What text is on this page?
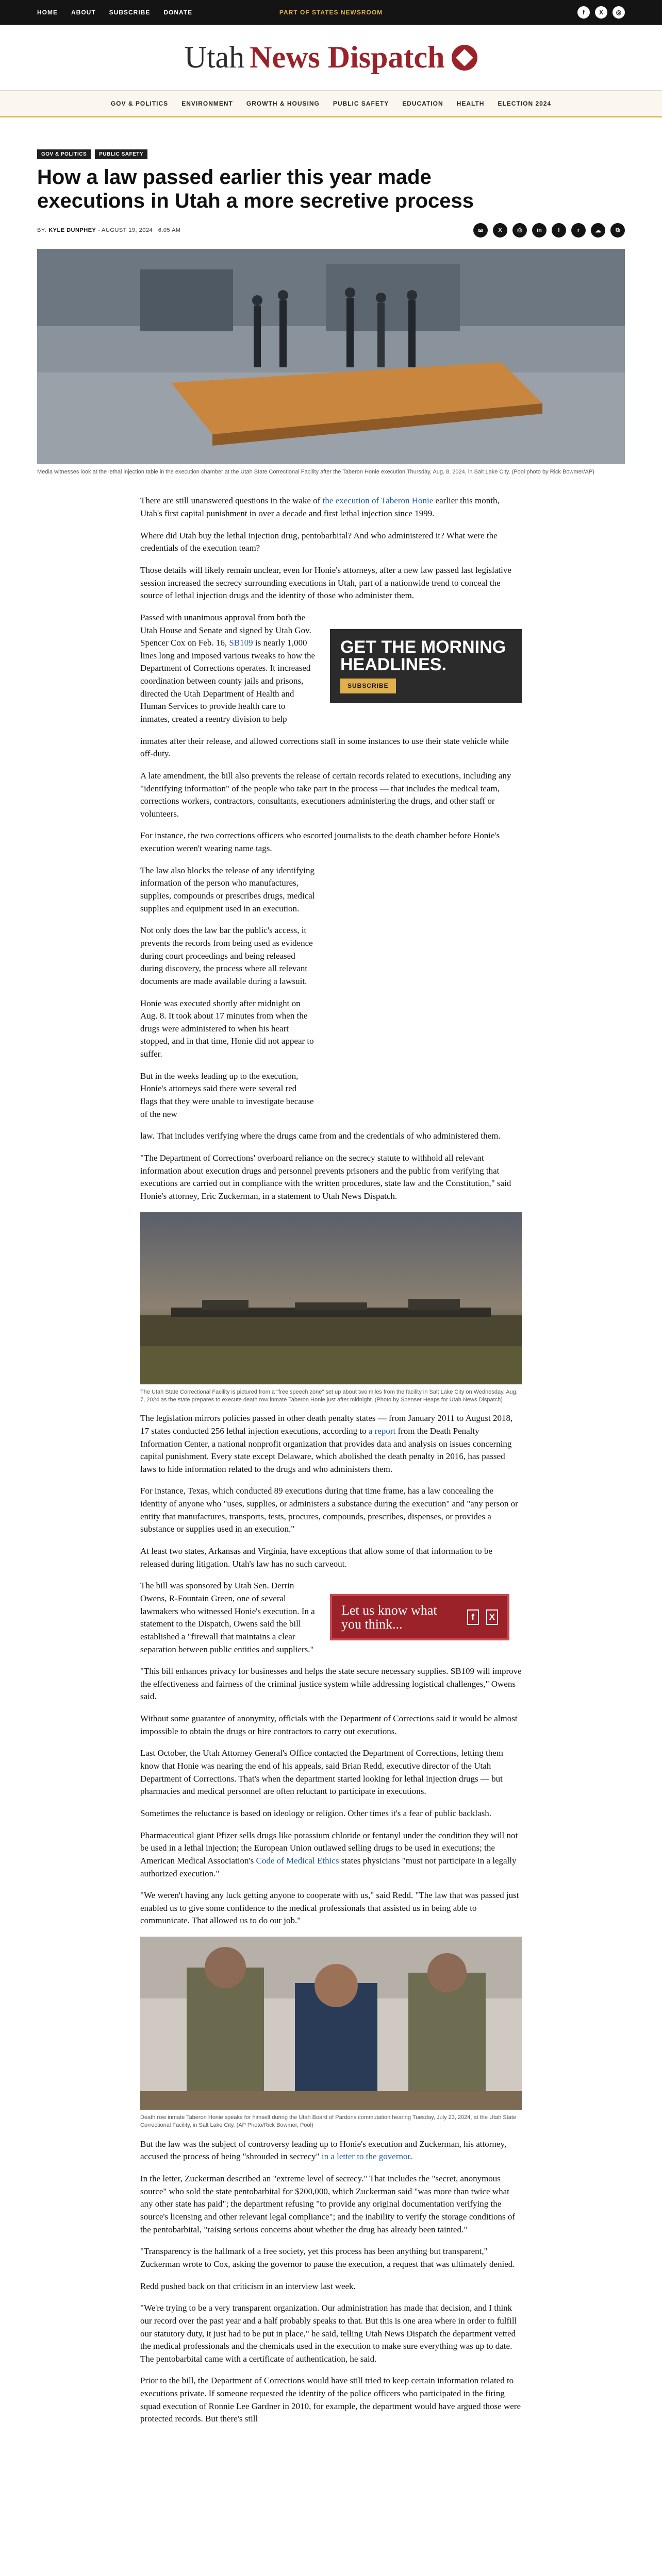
HOME ABOUT SUBSCRIBE DONATE	PART OF STATES NEWSROOM	f	X	◎
Utah News Dispatch
GOV & POLITICS ENVIRONMENT GROWTH & HOUSING PUBLIC SAFETY EDUCATION HEALTH ELECTION 2024
GOV & POLITICS	PUBLIC SAFETY
How a law passed earlier this year made executions in Utah a more secretive process
BY: KYLE DUNPHEY - AUGUST 19, 2024 6:05 AM	✉	X	⎙	in	f	r	☁	⧉
Media witnesses look at the lethal injection table in the execution chamber at the Utah State Correctional Facility after the Taberon Honie execution Thursday, Aug. 8, 2024, in Salt Lake City. (Pool photo by Rick Bowmer/AP)

There are still unanswered questions in the wake of the execution of Taberon Honie earlier this month, Utah's first capital punishment in over a decade and first lethal injection since 1999.

Where did Utah buy the lethal injection drug, pentobarbital? And who administered it? What were the credentials of the execution team?

Those details will likely remain unclear, even for Honie's attorneys, after a new law passed last legislative session increased the secrecy surrounding executions in Utah, part of a nationwide trend to conceal the source of lethal injection drugs and the identity of those who administer them.

Passed with unanimous approval from both the Utah House and Senate and signed by Utah Gov. Spencer Cox on Feb. 16, SB109 is nearly 1,000 lines long and imposed various tweaks to how the Department of Corrections operates. It increased coordination between county jails and prisons, directed the Utah Department of Health and Human Services to provide health care to inmates, created a reentry division to help

GET THE MORNING HEADLINES.
SUBSCRIBE

inmates after their release, and allowed corrections staff in some instances to use their state vehicle while off-duty.

A late amendment, the bill also prevents the release of certain records related to executions, including any "identifying information" of the people who take part in the process — that includes the medical team, corrections workers, contractors, consultants, executioners administering the drugs, and other staff or volunteers.

For instance, the two corrections officers who escorted journalists to the death chamber before Honie's execution weren't wearing name tags.

The law also blocks the release of any identifying information of the person who manufactures, supplies, compounds or prescribes drugs, medical supplies and equipment used in an execution.

Not only does the law bar the public's access, it prevents the records from being used as evidence during court proceedings and being released during discovery, the process where all relevant documents are made available during a lawsuit.

Honie was executed shortly after midnight on Aug. 8. It took about 17 minutes from when the drugs were administered to when his heart stopped, and in that time, Honie did not appear to suffer.

But in the weeks leading up to the execution, Honie's attorneys said there were several red flags that they were unable to investigate because of the new

law. That includes verifying where the drugs came from and the credentials of who administered them.

"The Department of Corrections' overboard reliance on the secrecy statute to withhold all relevant information about execution drugs and personnel prevents prisoners and the public from verifying that executions are carried out in compliance with the written procedures, state law and the Constitution," said Honie's attorney, Eric Zuckerman, in a statement to Utah News Dispatch.

The Utah State Correctional Facility is pictured from a "free speech zone" set up about two miles from the facility in Salt Lake City on Wednesday, Aug. 7, 2024 as the state prepares to execute death row inmate Taberon Honie just after midnight. (Photo by Spenser Heaps for Utah News Dispatch)

The legislation mirrors policies passed in other death penalty states — from January 2011 to August 2018, 17 states conducted 256 lethal injection executions, according to a report from the Death Penalty Information Center, a national nonprofit organization that provides data and analysis on issues concerning capital punishment. Every state except Delaware, which abolished the death penalty in 2016, has passed laws to hide information related to the drugs and who administers them.

For instance, Texas, which conducted 89 executions during that time frame, has a law concealing the identity of anyone who "uses, supplies, or administers a substance during the execution" and "any person or entity that manufactures, transports, tests, procures, compounds, prescribes, dispenses, or provides a substance or supplies used in an execution."

At least two states, Arkansas and Virginia, have exceptions that allow some of that information to be released during litigation. Utah's law has no such carveout.

The bill was sponsored by Utah Sen. Derrin Owens, R-Fountain Green, one of several lawmakers who witnessed Honie's execution. In a statement to the Dispatch, Owens said the bill established a "firewall that maintains a clear separation between public entities and suppliers."

Let us know what you think...	f	X

"This bill enhances privacy for businesses and helps the state secure necessary supplies. SB109 will improve the effectiveness and fairness of the criminal justice system while addressing logistical challenges," Owens said.

Without some guarantee of anonymity, officials with the Department of Corrections said it would be almost impossible to obtain the drugs or hire contractors to carry out executions.

Last October, the Utah Attorney General's Office contacted the Department of Corrections, letting them know that Honie was nearing the end of his appeals, said Brian Redd, executive director of the Utah Department of Corrections. That's when the department started looking for lethal injection drugs — but pharmacies and medical personnel are often reluctant to participate in executions.

Sometimes the reluctance is based on ideology or religion. Other times it's a fear of public backlash.

Pharmaceutical giant Pfizer sells drugs like potassium chloride or fentanyl under the condition they will not be used in a lethal injection; the European Union outlawed selling drugs to be used in executions; the American Medical Association's Code of Medical Ethics states physicians "must not participate in a legally authorized execution."

"We weren't having any luck getting anyone to cooperate with us," said Redd. "The law that was passed just enabled us to give some confidence to the medical professionals that assisted us in being able to communicate. That allowed us to do our job."

Death row inmate Taberon Honie speaks for himself during the Utah Board of Pardons commutation hearing Tuesday, July 23, 2024, at the Utah State Correctional Facility, in Salt Lake City. (AP Photo/Rick Bowmer, Pool)

But the law was the subject of controversy leading up to Honie's execution and Zuckerman, his attorney, accused the process of being "shrouded in secrecy" in a letter to the governor.

In the letter, Zuckerman described an "extreme level of secrecy." That includes the "secret, anonymous source" who sold the state pentobarbital for $200,000, which Zuckerman said "was more than twice what any other state has paid"; the department refusing "to provide any original documentation verifying the source's licensing and other relevant legal compliance"; and the inability to verify the storage conditions of the pentobarbital, "raising serious concerns about whether the drug has already been tainted."

"Transparency is the hallmark of a free society, yet this process has been anything but transparent," Zuckerman wrote to Cox, asking the governor to pause the execution, a request that was ultimately denied.

Redd pushed back on that criticism in an interview last week.

"We're trying to be a very transparent organization. Our administration has made that decision, and I think our record over the past year and a half probably speaks to that. But this is one area where in order to fulfill our statutory duty, it just had to be put in place," he said, telling Utah News Dispatch the department vetted the medical professionals and the chemicals used in the execution to make sure everything was up to date. The pentobarbital came with a certificate of authentication, he said.

Prior to the bill, the Department of Corrections would have still tried to keep certain information related to executions private. If someone requested the identity of the police officers who participated in the firing squad execution of Ronnie Lee Gardner in 2010, for example, the department would have argued those were protected records. But there's still
